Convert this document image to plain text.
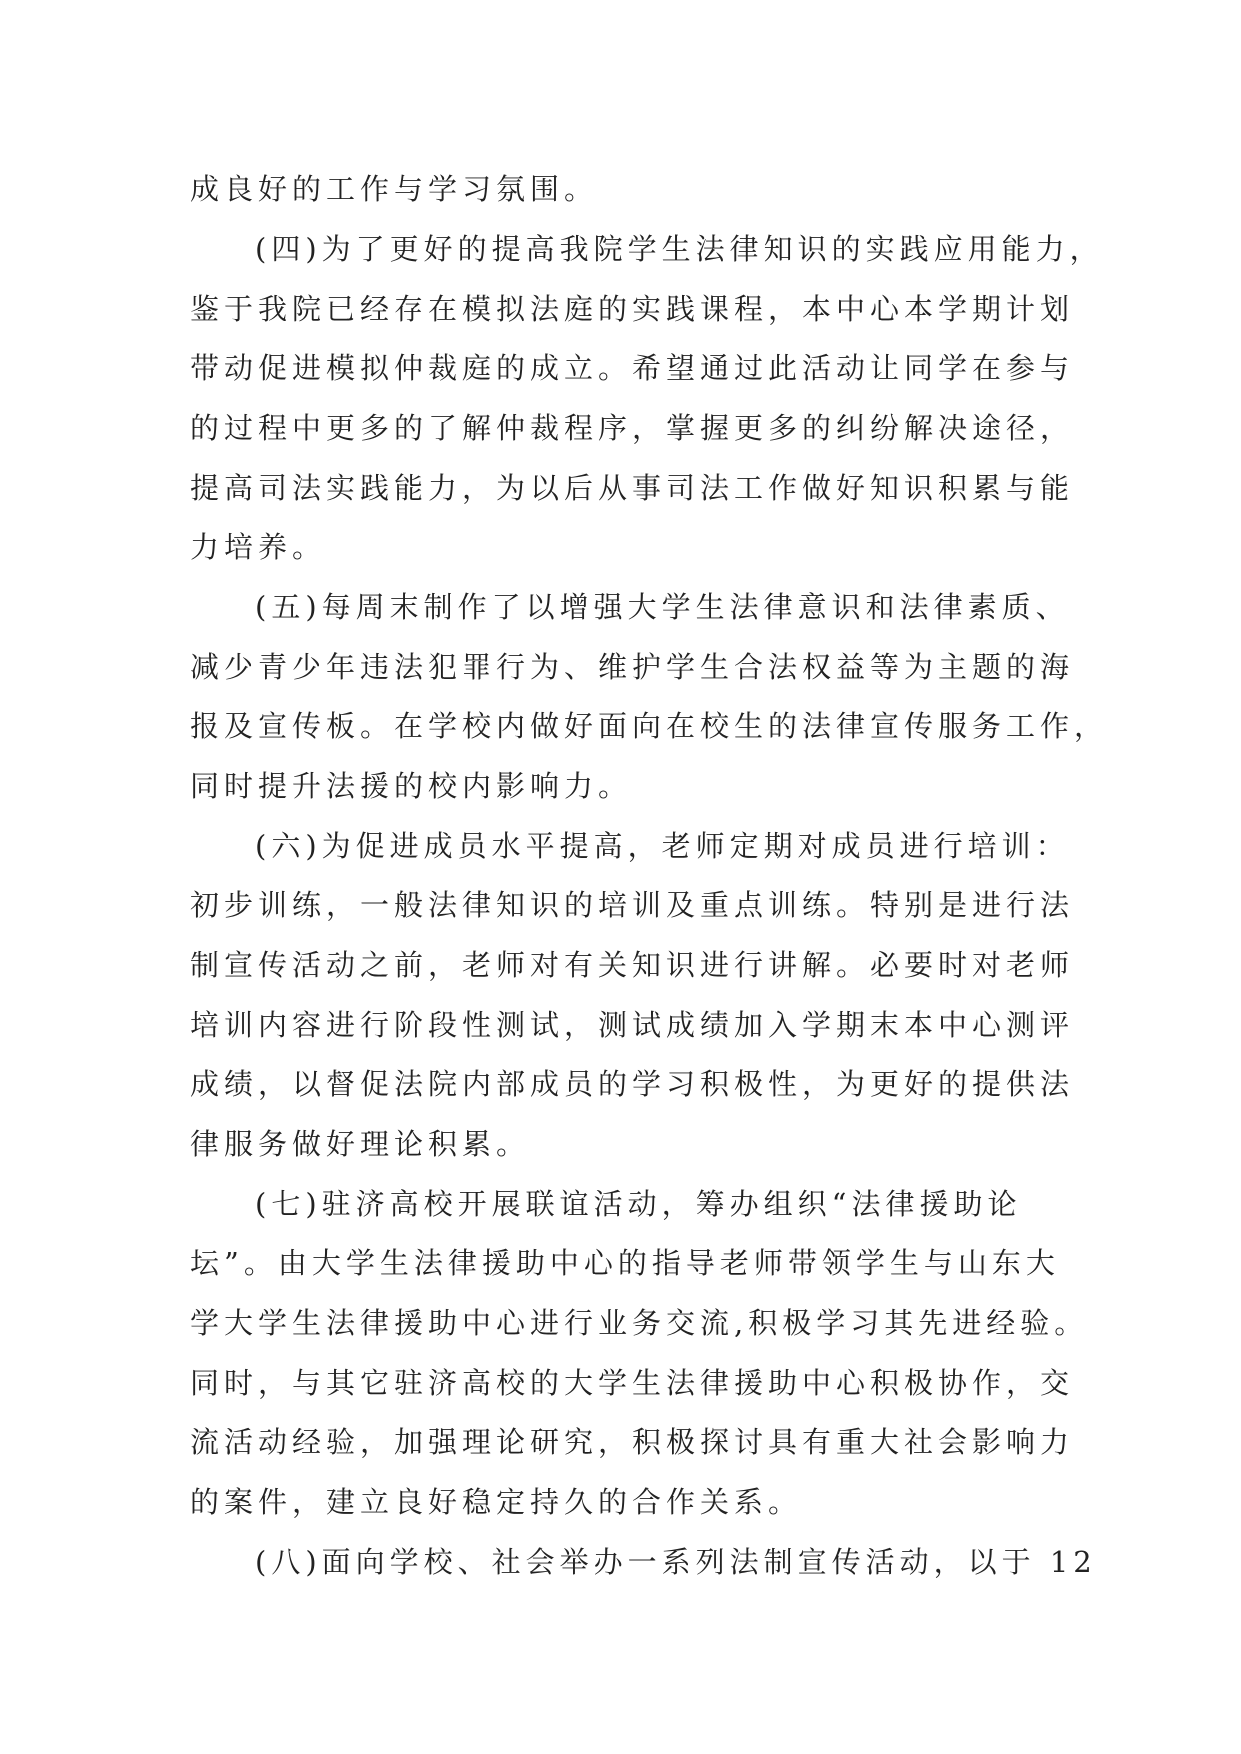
成良好的工作与学习氛围。
(四)为了更好的提高我院学生法律知识的实践应用能力，
鉴于我院已经存在模拟法庭的实践课程，本中心本学期计划
带动促进模拟仲裁庭的成立。希望通过此活动让同学在参与
的过程中更多的了解仲裁程序，掌握更多的纠纷解决途径，
提高司法实践能力，为以后从事司法工作做好知识积累与能
力培养。
(五)每周末制作了以增强大学生法律意识和法律素质、
减少青少年违法犯罪行为、维护学生合法权益等为主题的海
报及宣传板。在学校内做好面向在校生的法律宣传服务工作，
同时提升法援的校内影响力。
(六)为促进成员水平提高，老师定期对成员进行培训：
初步训练，一般法律知识的培训及重点训练。特别是进行法
制宣传活动之前，老师对有关知识进行讲解。必要时对老师
培训内容进行阶段性测试，测试成绩加入学期末本中心测评
成绩，以督促法院内部成员的学习积极性，为更好的提供法
律服务做好理论积累。
(七)驻济高校开展联谊活动，筹办组织“法律援助论
坛”。由大学生法律援助中心的指导老师带领学生与山东大
学大学生法律援助中心进行业务交流,积极学习其先进经验。
同时，与其它驻济高校的大学生法律援助中心积极协作，交
流活动经验，加强理论研究，积极探讨具有重大社会影响力
的案件，建立良好稳定持久的合作关系。
(八)面向学校、社会举办一系列法制宣传活动，以于 12
